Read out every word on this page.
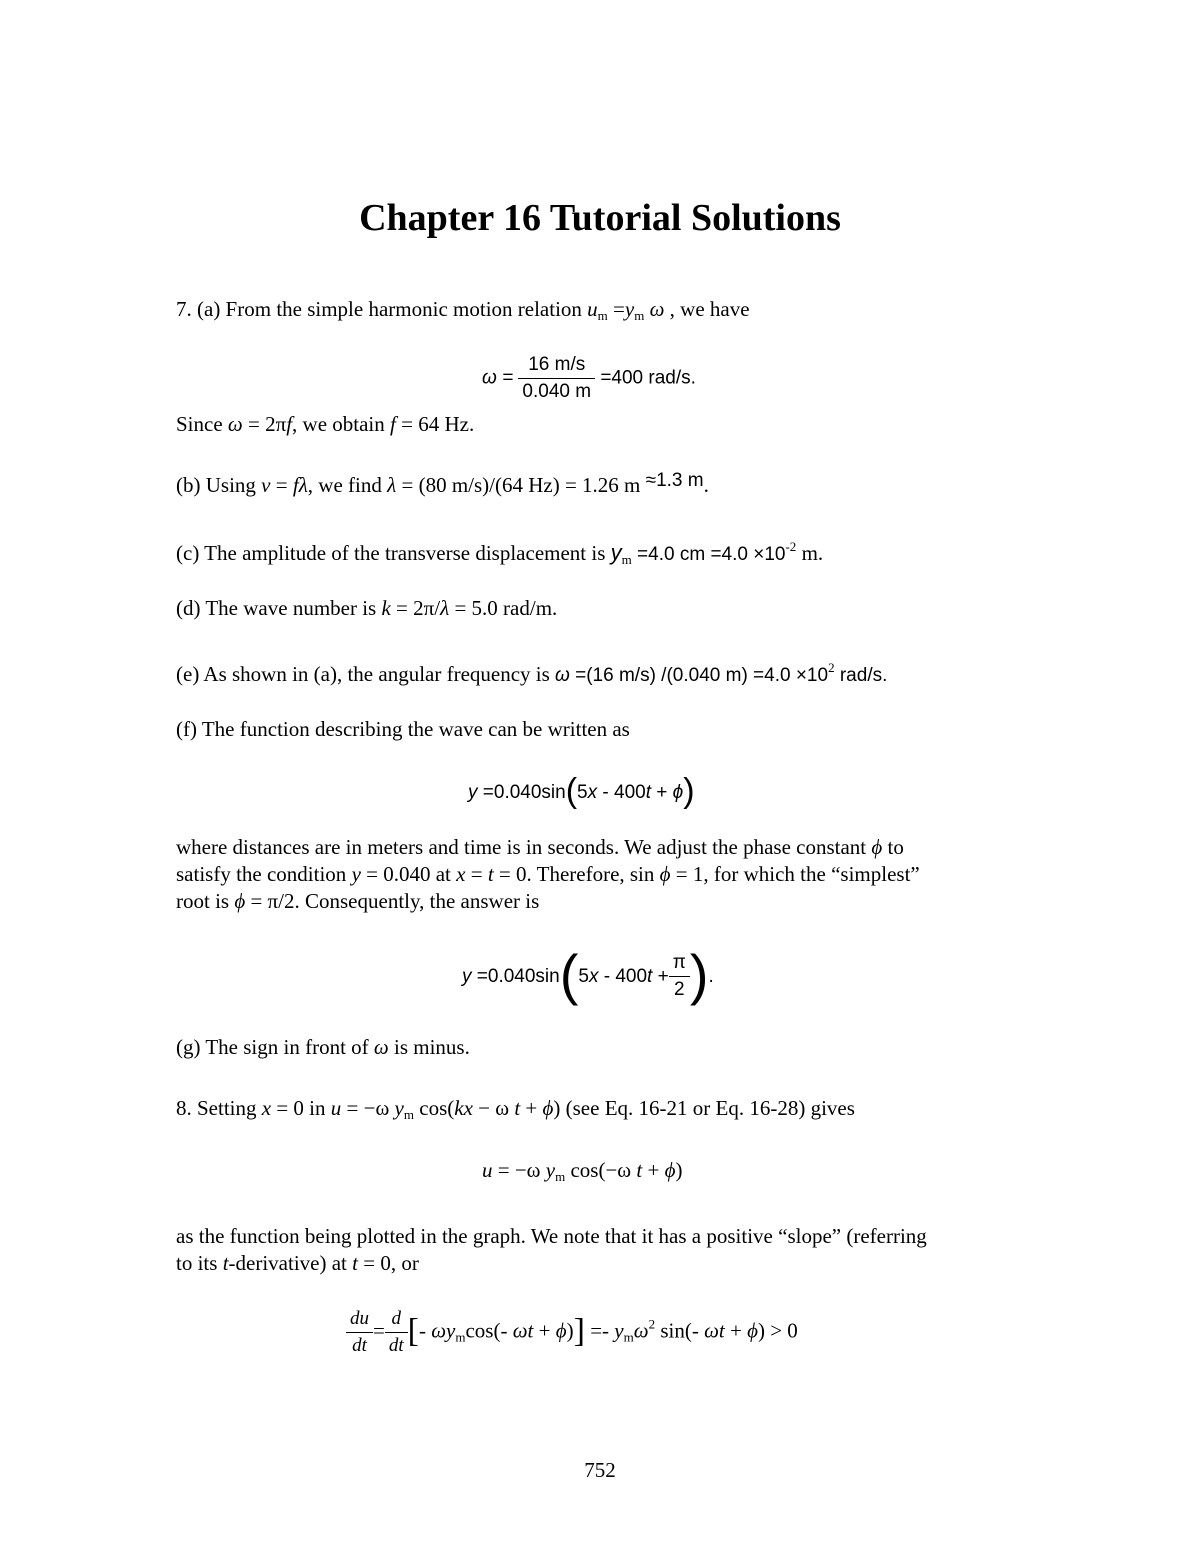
Chapter 16 Tutorial Solutions
7. (a) From the simple harmonic motion relation $u_m =y_m$ ω , we have
$\omega = \frac{16 m/s}{0.040 m} =400$ rad/s.
Since ω = 2πf, we obtain f = 64 Hz.
(b) Using v = fλ, we find λ = (80 m/s)/(64 Hz) = 1.26 m ≈1.3 m.
(c) The amplitude of the transverse displacement is $y_m =4.0$ cm $=4.0 \times 10^{-2}$ m.
(d) The wave number is k = 2π/λ = 5.0 rad/m.
(e) As shown in (a), the angular frequency is ω =(16 m/s) /(0.040 $m) =4.0 \times 10^2$ rad/s.
(f) The function describing the wave can be written as
y =0.040sin(5x - 400t + ϕ)
where distances are in meters and time is in seconds. We adjust the phase constant ϕ to
satisfy the condition y = 0.040 at x = t = 0. Therefore, sin ϕ = 1, for which the “simplest”
root is ϕ = π/2. Consequently, the answer is
$y =0.040\sin(5x - 400t + \frac{\pi}{2}$ ).
(g) The sign in front of ω is minus.
8. Setting x = 0 in u = −ω $y_m$ cos(kx − ω t + ϕ) (see Eq. 16-21 or Eq. 16-28) gives
u = −ω $y_m$ cos(−ω t + ϕ)
as the function being plotted in the graph. We note that it has a positive “slope” (referring
to its t-derivative) at t = 0, or
$\frac{du}{dt} = \frac{d}{dt}$ [- $\omega y_m\cos(-$ $\omega t + \phi)] =- y_m\omega^2$ sin(- ωt + ϕ) > 0
752
